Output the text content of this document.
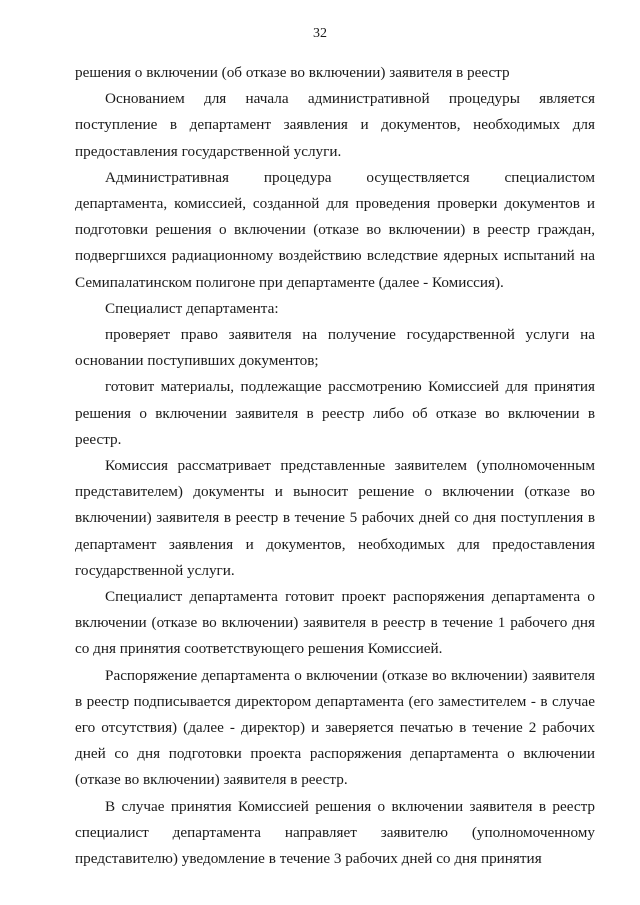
32

решения о включении (об отказе во включении) заявителя в реестр

Основанием для начала административной процедуры является поступление в департамент заявления и документов, необходимых для предоставления государственной услуги.

Административная процедура осуществляется специалистом департамента, комиссией, созданной для проведения проверки документов и подготовки решения о включении (отказе во включении) в реестр граждан, подвергшихся радиационному воздействию вследствие ядерных испытаний на Семипалатинском полигоне при департаменте (далее - Комиссия).

Специалист департамента:

проверяет право заявителя на получение государственной услуги на основании поступивших документов;

готовит материалы, подлежащие рассмотрению Комиссией для принятия решения о включении заявителя в реестр либо об отказе во включении в реестр.

Комиссия рассматривает представленные заявителем (уполномоченным представителем) документы и выносит решение о включении (отказе во включении) заявителя в реестр в течение 5 рабочих дней со дня поступления в департамент заявления и документов, необходимых для предоставления государственной услуги.

Специалист департамента готовит проект распоряжения департамента о включении (отказе во включении) заявителя в реестр в течение 1 рабочего дня со дня принятия соответствующего решения Комиссией.

Распоряжение департамента о включении (отказе во включении) заявителя в реестр подписывается директором департамента (его заместителем - в случае его отсутствия) (далее - директор) и заверяется печатью в течение 2 рабочих дней со дня подготовки проекта распоряжения департамента о включении (отказе во включении) заявителя в реестр.

В случае принятия Комиссией решения о включении заявителя в реестр специалист департамента направляет заявителю (уполномоченному представителю) уведомление в течение 3 рабочих дней со дня принятия
